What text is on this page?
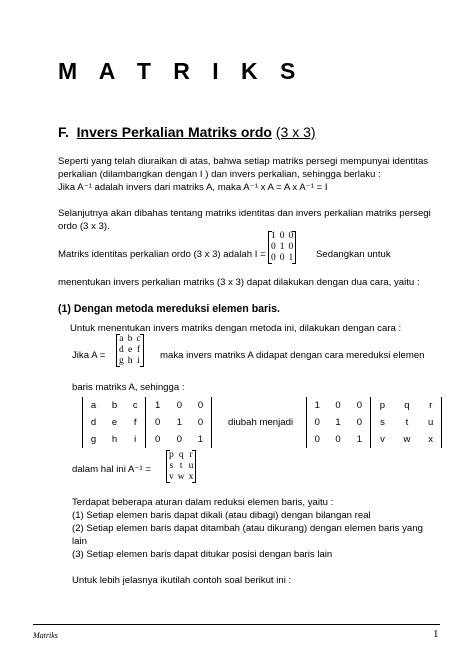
M A T R I K S
F. Invers Perkalian Matriks ordo (3 x 3)
Seperti yang telah diuraikan di atas, bahwa setiap matriks persegi mempunyai identitas
perkalian (dilambangkan dengan I ) dan invers perkalian, sehingga berlaku :
Jika A⁻¹ adalah invers dari matriks A, maka A⁻¹ x A = A x A⁻¹ = I
Selanjutnya akan dibahas tentang matriks identitas dan invers perkalian matriks persegi
ordo (3 x 3).
Matriks identitas perkalian ordo (3 x 3) adalah I =
1	0	0
0	1	0
0	0	1 Sedangkan untuk
menentukan invers perkalian matriks (3 x 3) dapat dilakukan dengan dua cara, yaitu :
(1) Dengan metoda mereduksi elemen baris.
Untuk menentukan invers matriks dengan metoda ini, dilakukan dengan cara :
Jika A =
a	b	c
d	e	f
g	h	i maka invers matriks A didapat dengan cara mereduksi elemen
baris matriks A, sehingga :
a	b	c	1	0	0
d	e	f	0	1	0
g	h	i	0	0	1
diubah menjadi
1	0	0	p	q	r
0	1	0	s	t	u
0	0	1	v	w	x
dalam hal ini A⁻¹ =
p	q	r
s	t	u
v	w	x
Terdapat beberapa aturan dalam reduksi elemen baris, yaitu :
(1) Setiap elemen baris dapat dikali (atau dibagi) dengan bilangan real
(2) Setiap elemen baris dapat ditambah (atau dikurang) dengan elemen baris yang
lain
(3) Setiap elemen baris dapat ditukar posisi dengan baris lain
Untuk lebih jelasnya ikutilah contoh soal berikut ini :
Matriks	1
